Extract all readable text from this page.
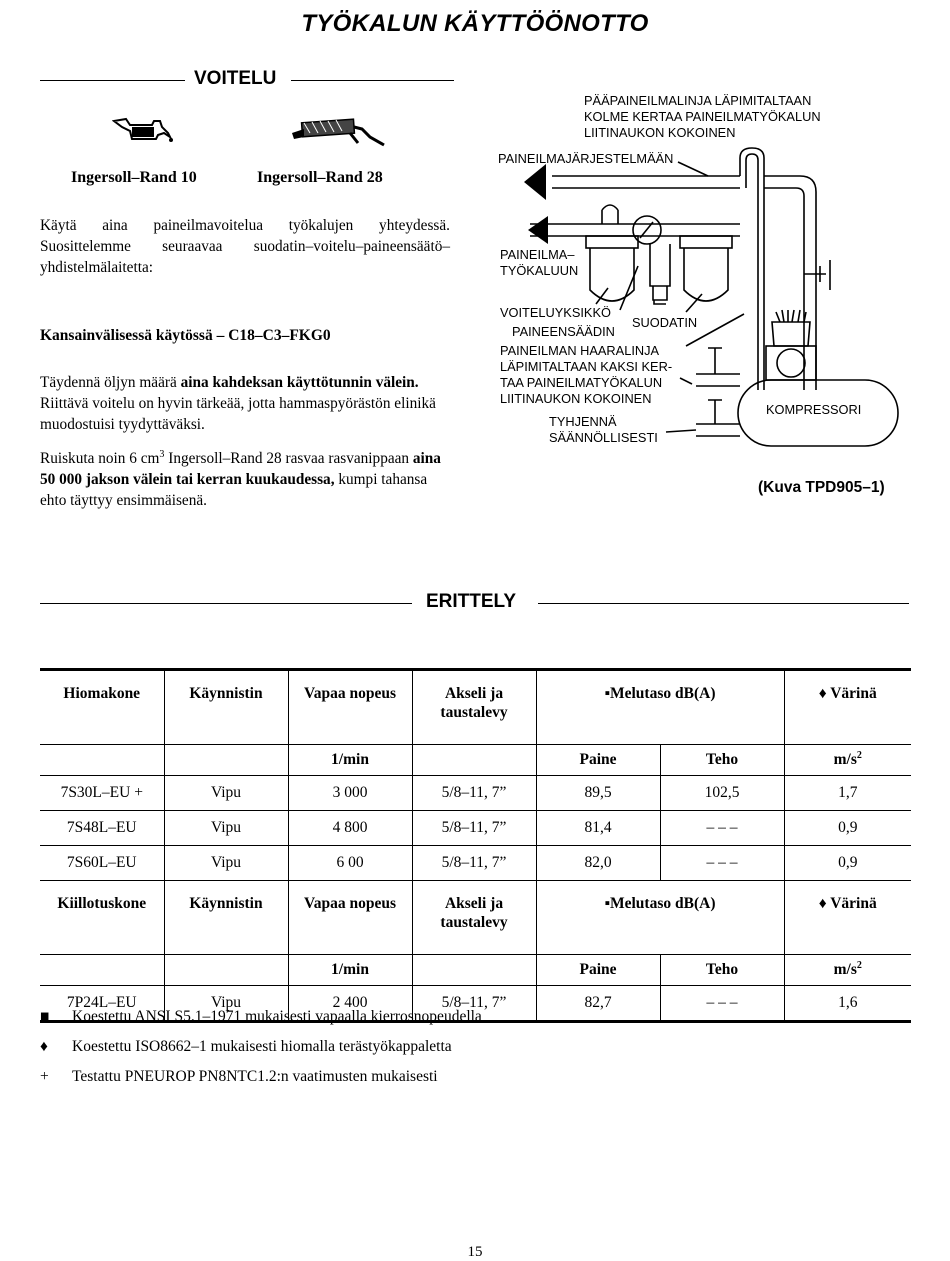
TYÖKALUN KÄYTTÖÖNOTTO
VOITELU
Ingersoll–Rand 10	Ingersoll–Rand 28
Käytä aina paineilmavoitelua työkalujen yhteydessä. Suosittelemme seuraavaa suodatin–voitelu–paineensäätö–yhdistelmälaitetta:
Kansainvälisessä käytössä – C18–C3–FKG0
Täydennä öljyn määrä aina kahdeksan käyttötunnin välein. Riittävä voitelu on hyvin tärkeää, jotta hammaspyörästön elinikä muodostuisi tyydyttäväksi.
Ruiskuta noin 6 $cm^3$ Ingersoll–Rand 28 rasvaa rasvanippaan aina 50 000 jakson välein tai kerran kuukaudessa, kumpi tahansa ehto täyttyy ensimmäisenä.
PÄÄPAINEILMALINJA LÄPIMITALTAAN
KOLME KERTAA PAINEILMATYÖKALUN
LIITINAUKON KOKOINEN
PAINEILMAJÄRJESTELMÄÄN
PAINEILMA–
TYÖKALUUN
VOITELUYKSIKKÖ
PAINEENSÄÄDIN
SUODATIN
PAINEILMAN HAARALINJA
LÄPIMITALTAAN KAKSI KER-
TAA PAINEILMATYÖKALUN
LIITINAUKON KOKOINEN
TYHJENNÄ
SÄÄNNÖLLISESTI
KOMPRESSORI
(Kuva TPD905–1)
ERITTELY
Hiomakone	Käynnistin	Vapaa nopeus	Akseli ja taustalevy	▪Melutaso dB(A)		♦ Värinä
		1/min		Paine	Teho	$m/s^2$
7S30L–EU +	Vipu	3 000	5/8–11, 7”	89,5	102,5	1,7
7S48L–EU	Vipu	4 800	5/8–11, 7”	81,4	– – –	0,9
7S60L–EU	Vipu	6 00	5/8–11, 7”	82,0	– – –	0,9
Kiillotuskone	Käynnistin	Vapaa nopeus	Akseli ja taustalevy	▪Melutaso dB(A)		♦ Värinä
		1/min		Paine	Teho	$m/s^2$
7P24L–EU	Vipu	2 400	5/8–11, 7”	82,7	– – –	1,6
■ Koestettu ANSI S5.1–1971 mukaisesti vapaalla kierrosnopeudella
♦ Koestettu ISO8662–1 mukaisesti hiomalla terästyökappaletta
+ Testattu PNEUROP PN8NTC1.2:n vaatimusten mukaisesti
15
